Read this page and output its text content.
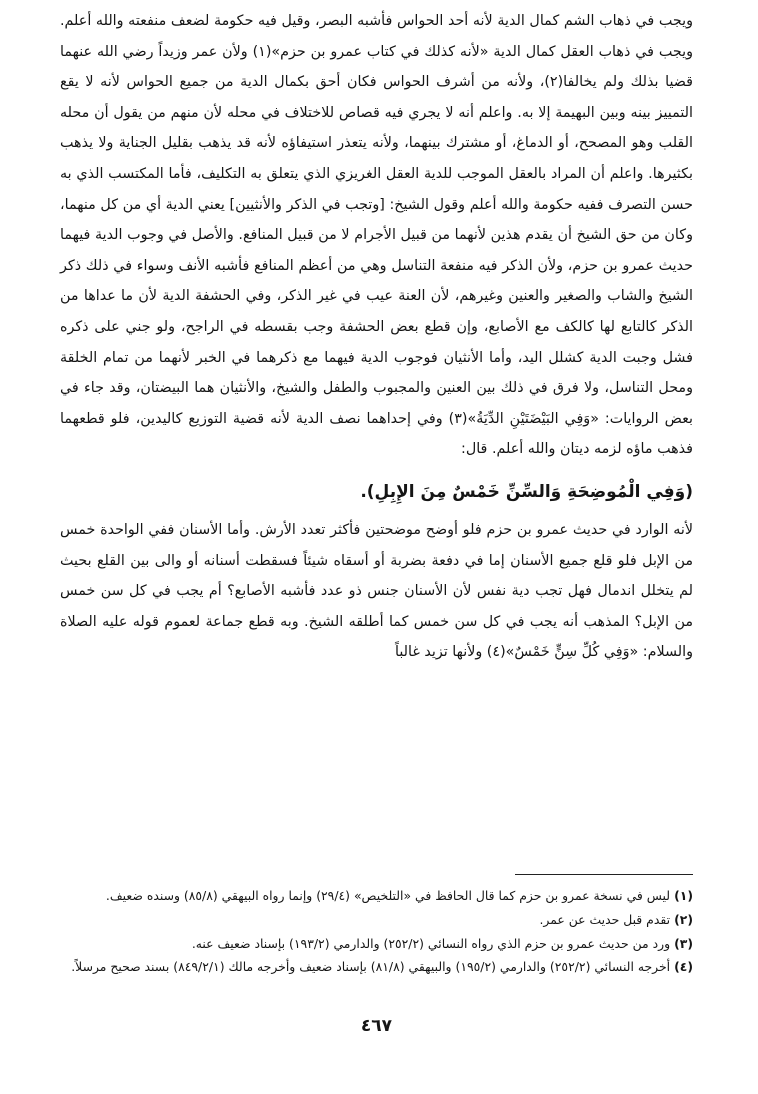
ويجب في ذهاب الشم كمال الدية لأنه أحد الحواس فأشبه البصر، وقيل فيه حكومة لضعف منفعته والله أعلم. ويجب في ذهاب العقل كمال الدية «لأنه كذلك في كتاب عمرو بن حزم»(١) ولأن عمر وزيداً رضي الله عنهما قضيا بذلك ولم يخالفا(٢)، ولأنه من أشرف الحواس فكان أحق بكمال الدية من جميع الحواس لأنه لا يقع التمييز بينه وبين البهيمة إلا به. واعلم أنه لا يجري فيه قصاص للاختلاف في محله لأن منهم من يقول أن محله القلب وهو المصحح، أو الدماغ، أو مشترك بينهما، ولأنه يتعذر استيفاؤه لأنه قد يذهب بقليل الجناية ولا يذهب بكثيرها. واعلم أن المراد بالعقل الموجب للدية العقل الغريزي الذي يتعلق به التكليف، فأما المكتسب الذي به حسن التصرف ففيه حكومة والله أعلم وقول الشيخ: [وتجب في الذكر والأنثيين] يعني الدية أي من كل منهما، وكان من حق الشيخ أن يقدم هذين لأنهما من قبيل الأجرام لا من قبيل المنافع. والأصل في وجوب الدية فيهما حديث عمرو بن حزم، ولأن الذكر فيه منفعة التناسل وهي من أعظم المنافع فأشبه الأنف وسواء في ذلك ذكر الشيخ والشاب والصغير والعنين وغيرهم، لأن العنة عيب في غير الذكر، وفي الحشفة الدية لأن ما عداها من الذكر كالتابع لها كالكف مع الأصابع، وإن قطع بعض الحشفة وجب بقسطه في الراجح، ولو جني على ذكره فشل وجبت الدية كشلل اليد، وأما الأنثيان فوجوب الدية فيهما مع ذكرهما في الخبر لأنهما من تمام الخلقة ومحل التناسل، ولا فرق في ذلك بين العنين والمجبوب والطفل والشيخ، والأنثيان هما البيضتان، وقد جاء في بعض الروايات: «وَفِي البَيْضَتَيْنِ الدِّيَةُ»(٣) وفي إحداهما نصف الدية لأنه قضية التوزيع كاليدين، فلو قطعهما فذهب ماؤه لزمه ديتان والله أعلم. قال:

(وَفِي الْمُوضِحَةِ وَالسِّنِّ خَمْسٌ مِنَ الإِبِلِ).

لأنه الوارد في حديث عمرو بن حزم فلو أوضح موضحتين فأكثر تعدد الأرش. وأما الأسنان ففي الواحدة خمس من الإبل فلو قلع جميع الأسنان إما في دفعة بضربة أو أسقاه شيئاً فسقطت أسنانه أو والى بين القلع بحيث لم يتخلل اندمال فهل تجب دية نفس لأن الأسنان جنس ذو عدد فأشبه الأصابع؟ أم يجب في كل سن خمس من الإبل؟ المذهب أنه يجب في كل سن خمس كما أطلقه الشيخ. وبه قطع جماعة لعموم قوله عليه الصلاة والسلام: «وَفِي كُلِّ سِنٍّ خَمْسٌ»(٤) ولأنها تزيد غالباً

(١)
ليس في نسخة عمرو بن حزم كما قال الحافظ في «التلخيص» (٢٩/٤) وإنما رواه البيهقي (٨٥/٨) وسنده ضعيف.

(٢)
تقدم قبل حديث عن عمر.

(٣)
ورد من حديث عمرو بن حزم الذي رواه النسائي (٢٥٢/٢) والدارمي (١٩٣/٢) بإسناد ضعيف عنه.

(٤)
أخرجه النسائي (٢٥٢/٢) والدارمي (١٩٥/٢) والبيهقي (٨١/٨) بإسناد ضعيف وأخرجه مالك (٨٤٩/٢/١) بسند صحيح مرسلاً.

٤٦٧
